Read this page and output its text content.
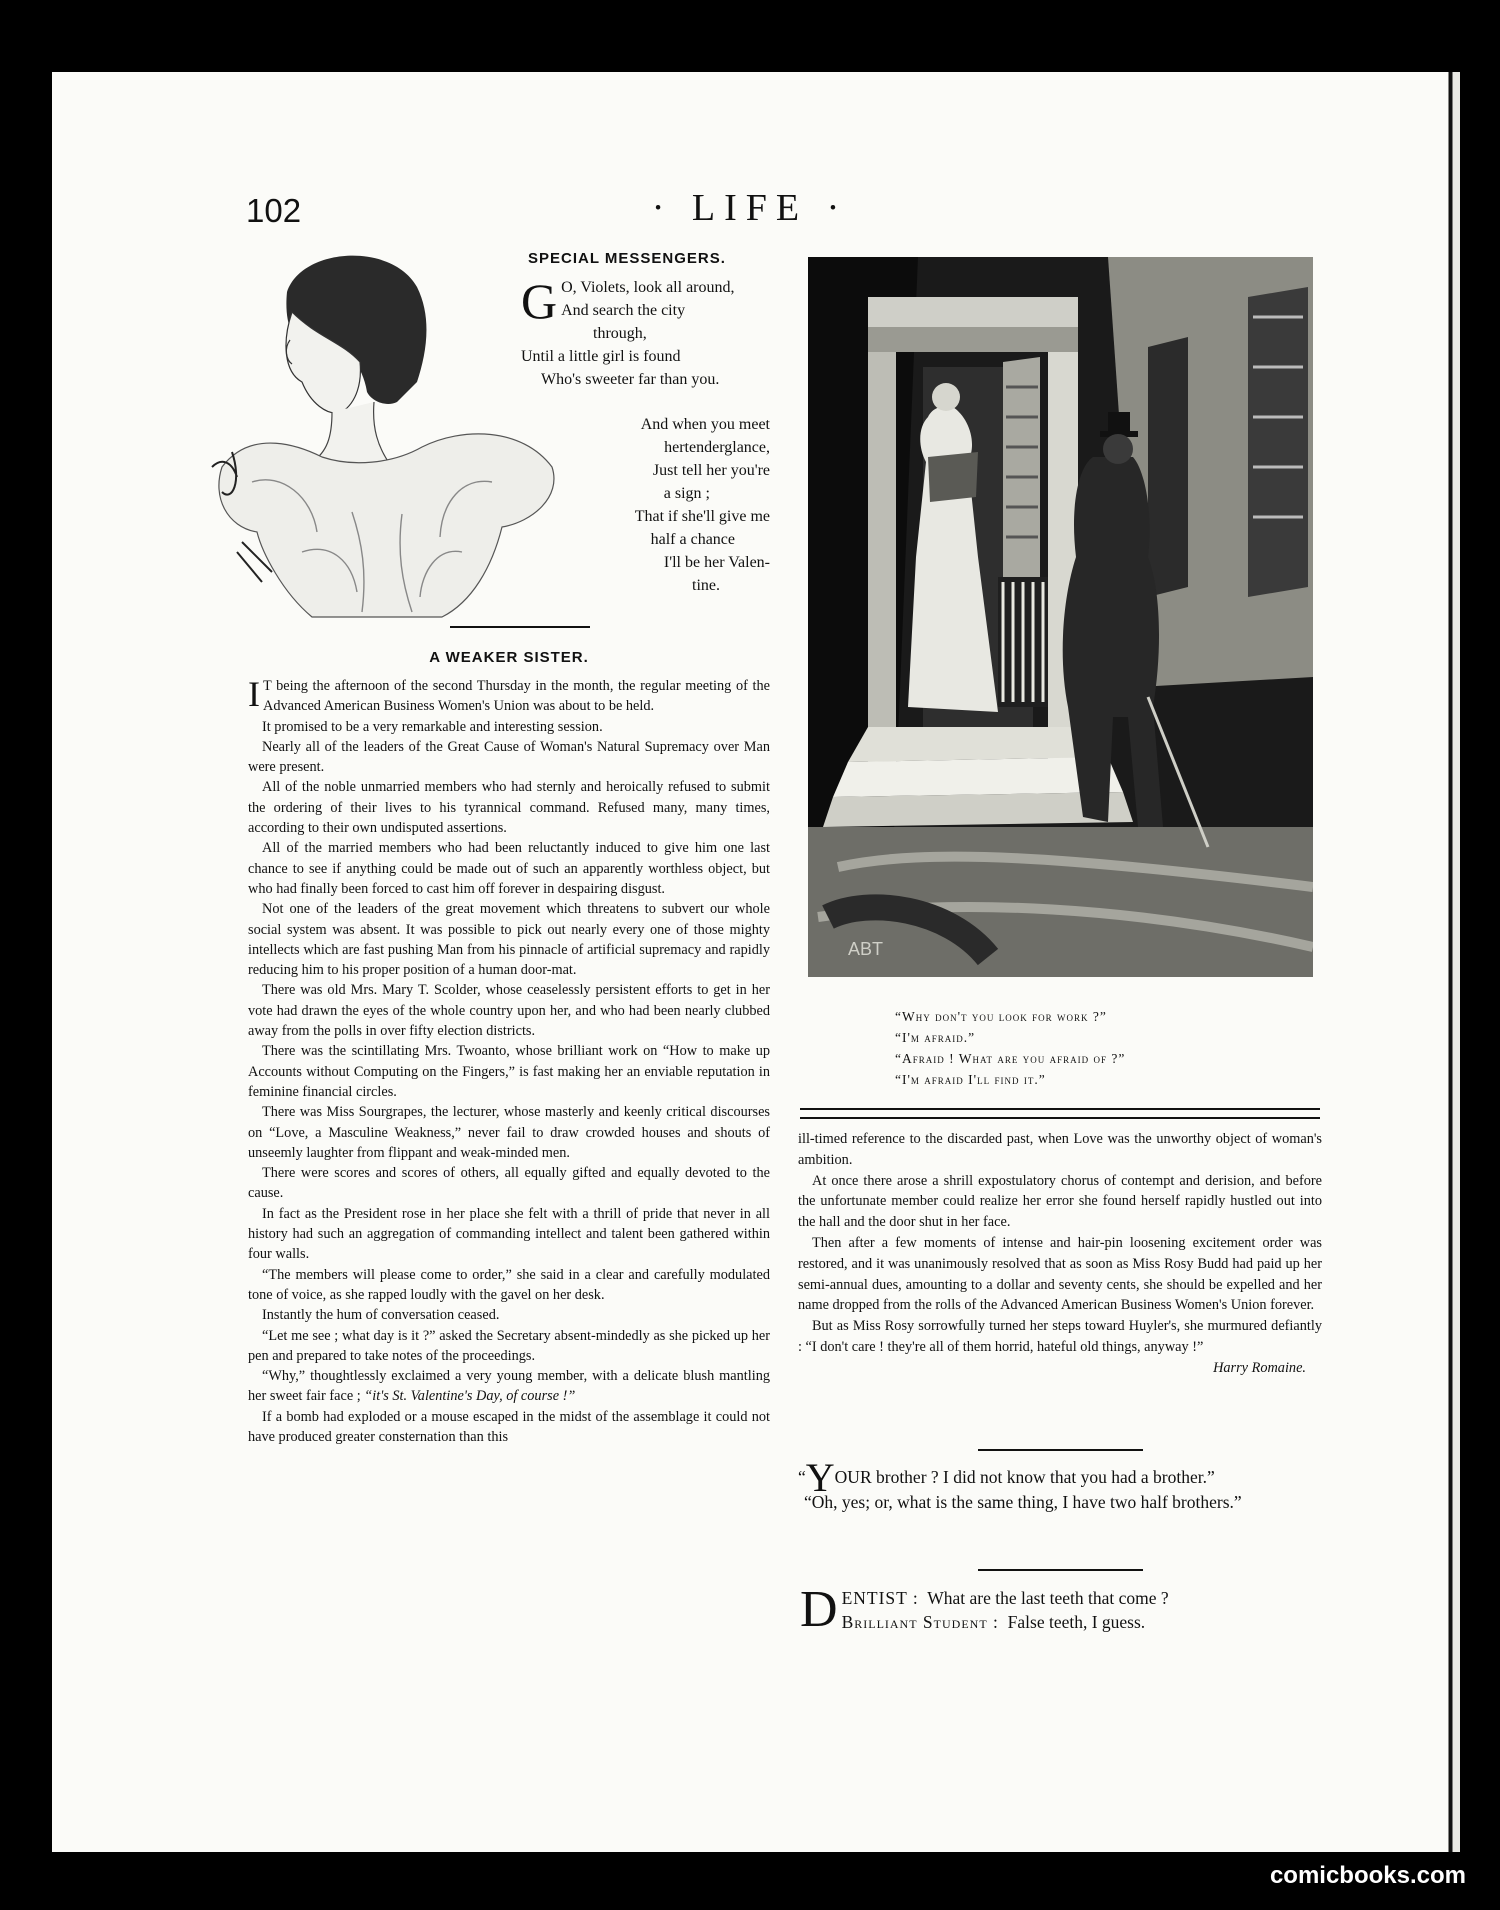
102	· LIFE ·
SPECIAL MESSENGERS.
G O, Violets, look all around,
And search the city
through,
Until a little girl is found
Who's sweeter far than you.
And when you meet
hertenderglance,
Just tell her you're
a sign ;
That if she'll give me
half a chance
I'll be her Valen-
tine.
A WEAKER SISTER.

I T being the afternoon of the second Thursday in the month, the regular meeting of the Advanced American Business Women's Union was about to be held.

It promised to be a very remarkable and interesting session.

Nearly all of the leaders of the Great Cause of Woman's Natural Supremacy over Man were present.

All of the noble unmarried members who had sternly and heroically refused to submit the ordering of their lives to his tyrannical command. Refused many, many times, according to their own undisputed assertions.

All of the married members who had been reluctantly induced to give him one last chance to see if anything could be made out of such an apparently worthless object, but who had finally been forced to cast him off forever in despairing disgust.

Not one of the leaders of the great movement which threatens to subvert our whole social system was absent. It was possible to pick out nearly every one of those mighty intellects which are fast pushing Man from his pinnacle of artificial supremacy and rapidly reducing him to his proper position of a human door-mat.

There was old Mrs. Mary T. Scolder, whose ceaselessly persistent efforts to get in her vote had drawn the eyes of the whole country upon her, and who had been nearly clubbed away from the polls in over fifty election districts.

There was the scintillating Mrs. Twoanto, whose brilliant work on “How to make up Accounts without Computing on the Fingers,” is fast making her an enviable reputation in feminine financial circles.

There was Miss Sourgrapes, the lecturer, whose masterly and keenly critical discourses on “Love, a Masculine Weakness,” never fail to draw crowded houses and shouts of unseemly laughter from flippant and weak-minded men.

There were scores and scores of others, all equally gifted and equally devoted to the cause.

In fact as the President rose in her place she felt with a thrill of pride that never in all history had such an aggregation of commanding intellect and talent been gathered within four walls.

“The members will please come to order,” she said in a clear and carefully modulated tone of voice, as she rapped loudly with the gavel on her desk.

Instantly the hum of conversation ceased.

“Let me see ; what day is it ?” asked the Secretary absent-mindedly as she picked up her pen and prepared to take notes of the proceedings.

“Why,” thoughtlessly exclaimed a very young member, with a delicate blush mantling her sweet fair face ; “it's St. Valentine's Day, of course !”

If a bomb had exploded or a mouse escaped in the midst of the assemblage it could not have produced greater consternation than this

ABT
“Why don't you look for work ?”
“I'm afraid.”
“Afraid ! What are you afraid of ?”
“I'm afraid I'll find it.”

ill-timed reference to the discarded past, when Love was the unworthy object of woman's ambition.

At once there arose a shrill expostulatory chorus of contempt and derision, and before the unfortunate member could realize her error she found herself rapidly hustled out into the hall and the door shut in her face.

Then after a few moments of intense and hair-pin loosening excitement order was restored, and it was unanimously resolved that as soon as Miss Rosy Budd had paid up her semi-annual dues, amounting to a dollar and seventy cents, she should be expelled and her name dropped from the rolls of the Advanced American Business Women's Union forever.

But as Miss Rosy sorrowfully turned her steps toward Huyler's, she murmured defiantly : “I don't care ! they're all of them horrid, hateful old things, anyway !”
Harry Romaine.

“YOUR brother ? I did not know that you had a brother.”

“Oh, yes; or, what is the same thing, I have two half brothers.”

D ENTIST : What are the last teeth that come ?
Brilliant Student : False teeth, I guess.
comicbooks.com
